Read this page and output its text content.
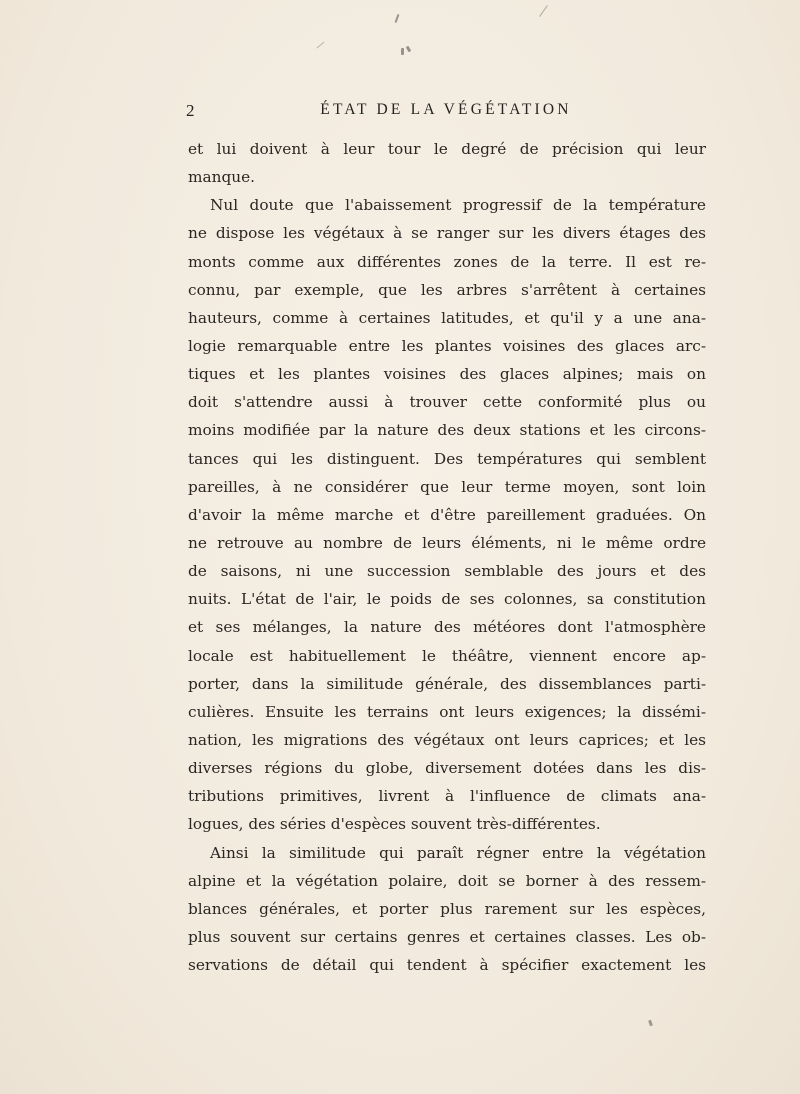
2	ÉTAT DE LA VÉGÉTATION
et lui doivent à leur tour le degré de précision qui leur
manque.
Nul doute que l'abaissement progressif de la température
ne dispose les végétaux à se ranger sur les divers étages des
monts comme aux différentes zones de la terre. Il est re-
connu, par exemple, que les arbres s'arrêtent à certaines
hauteurs, comme à certaines latitudes, et qu'il y a une ana-
logie remarquable entre les plantes voisines des glaces arc-
tiques et les plantes voisines des glaces alpines; mais on
doit s'attendre aussi à trouver cette conformité plus ou
moins modifiée par la nature des deux stations et les circons-
tances qui les distinguent. Des températures qui semblent
pareilles, à ne considérer que leur terme moyen, sont loin
d'avoir la même marche et d'être pareillement graduées. On
ne retrouve au nombre de leurs éléments, ni le même ordre
de saisons, ni une succession semblable des jours et des
nuits. L'état de l'air, le poids de ses colonnes, sa constitution
et ses mélanges, la nature des météores dont l'atmosphère
locale est habituellement le théâtre, viennent encore ap-
porter, dans la similitude générale, des dissemblances parti-
culières. Ensuite les terrains ont leurs exigences; la dissémi-
nation, les migrations des végétaux ont leurs caprices; et les
diverses régions du globe, diversement dotées dans les dis-
tributions primitives, livrent à l'influence de climats ana-
logues, des séries d'espèces souvent très-différentes.
Ainsi la similitude qui paraît régner entre la végétation
alpine et la végétation polaire, doit se borner à des ressem-
blances générales, et porter plus rarement sur les espèces,
plus souvent sur certains genres et certaines classes. Les ob-
servations de détail qui tendent à spécifier exactement les
